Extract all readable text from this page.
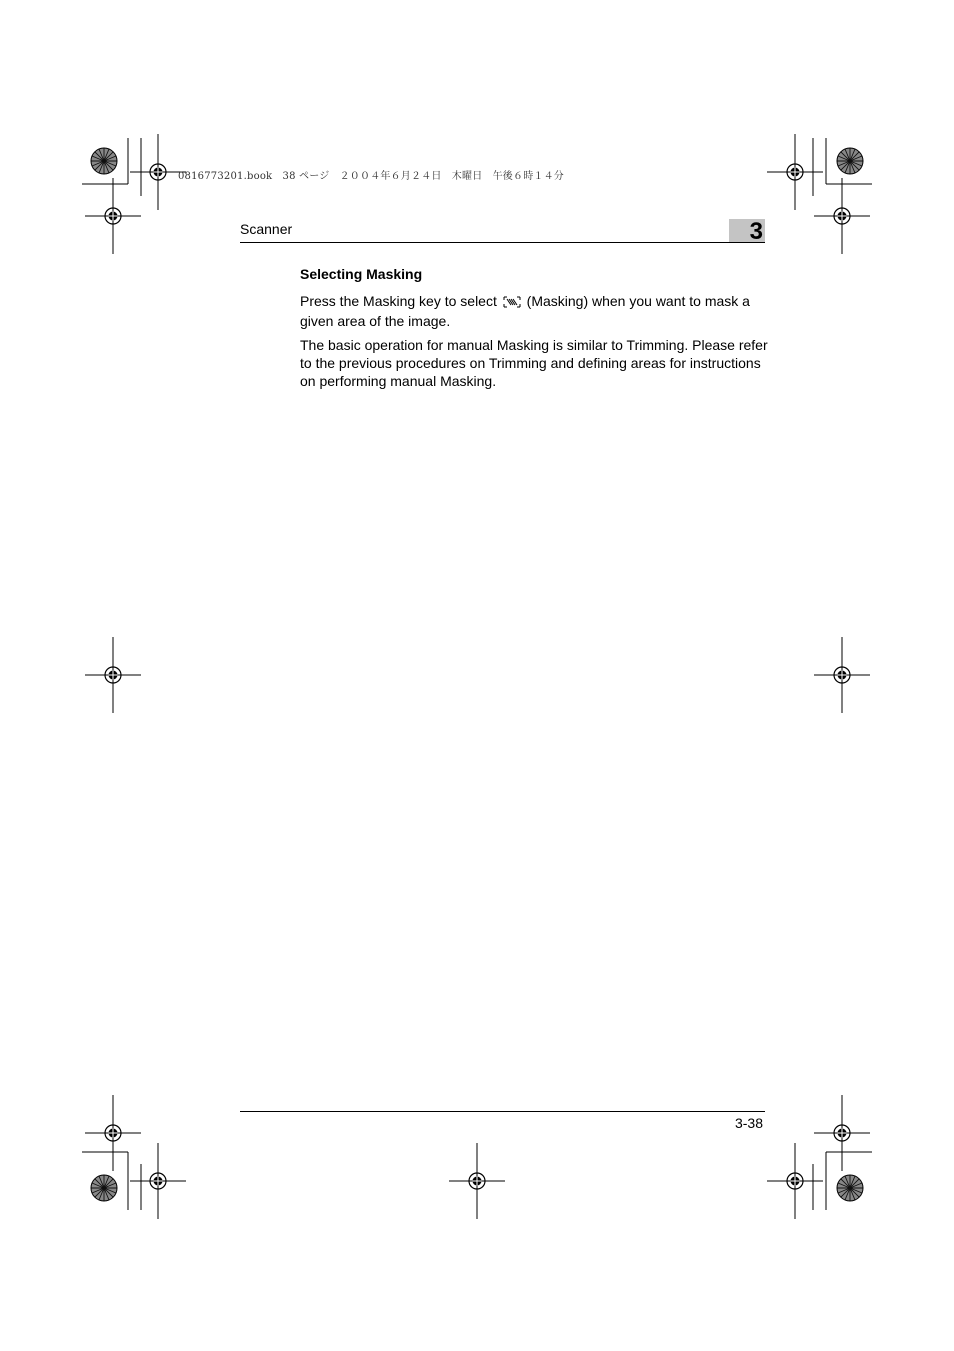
0816773201.book　38 ページ　２００４年６月２４日　木曜日　午後６時１４分
Scanner	3
Selecting Masking

Press the Masking key to select  (Masking) when you want to mask a given area of the image.

The basic operation for manual Masking is similar to Trimming. Please refer to the previous procedures on Trimming and defining areas for instructions on performing manual Masking.

3-38
